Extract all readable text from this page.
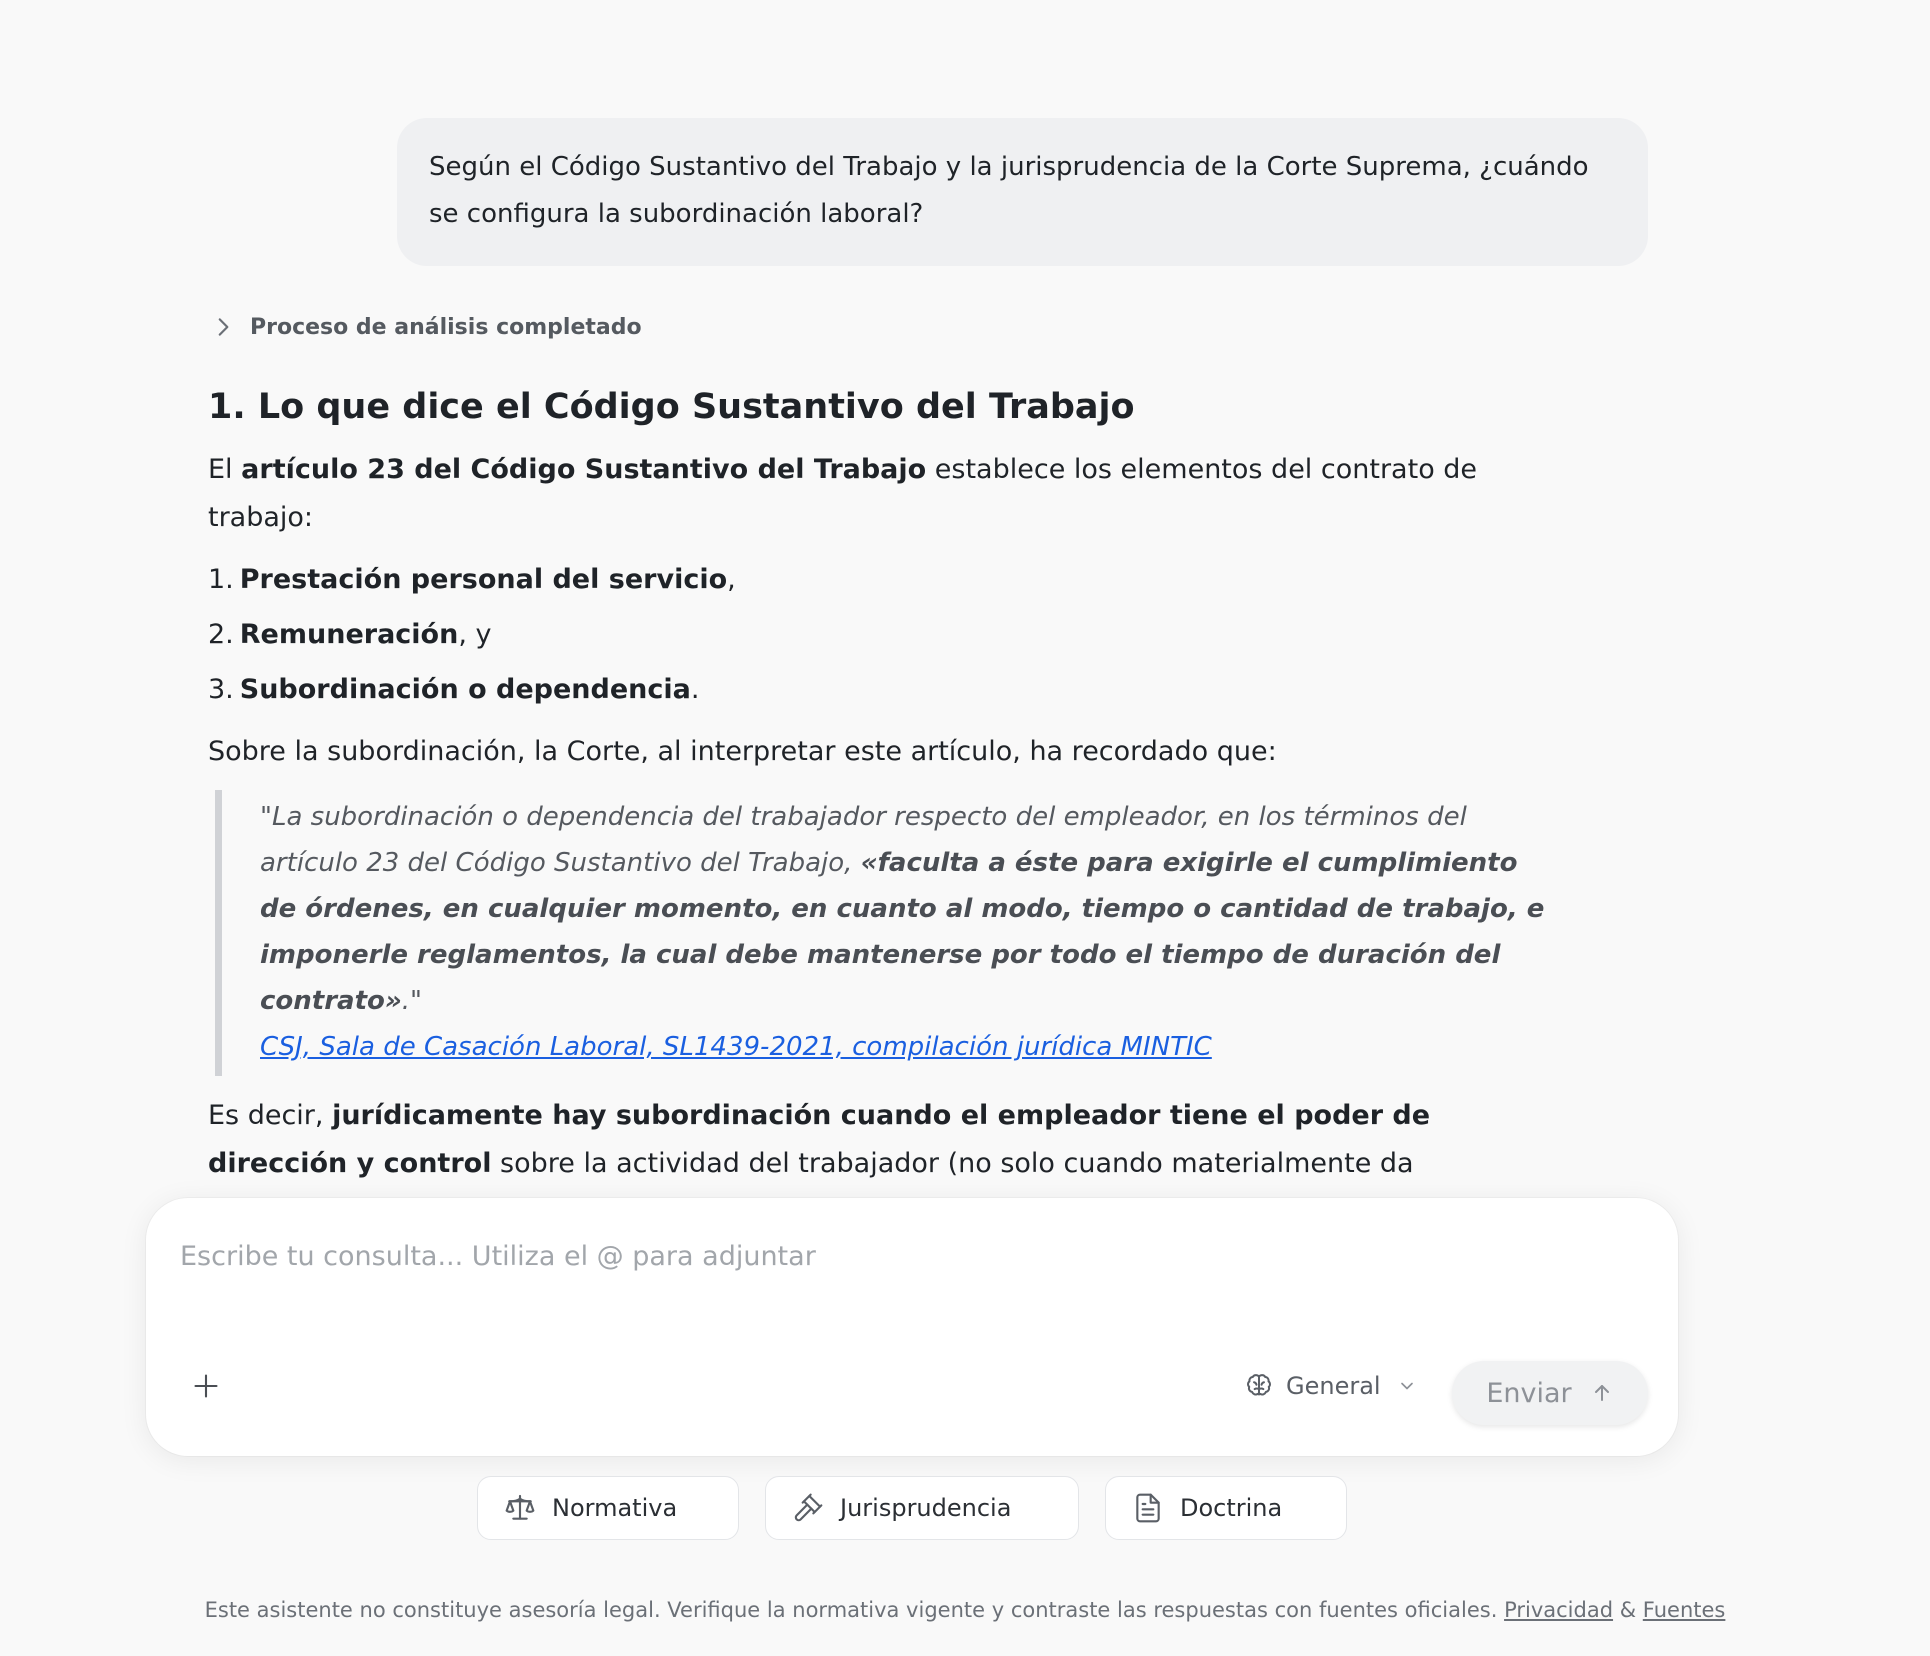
Según el Código Sustantivo del Trabajo y la jurisprudencia de la Corte Suprema, ¿cuándo se configura la subordinación laboral?
Proceso de análisis completado
1. Lo que dice el Código Sustantivo del Trabajo

El artículo 23 del Código Sustantivo del Trabajo establece los elementos del contrato de trabajo:

1. Prestación personal del servicio,
2. Remuneración, y
3. Subordinación o dependencia.

Sobre la subordinación, la Corte, al interpretar este artículo, ha recordado que:

"La subordinación o dependencia del trabajador respecto del empleador, en los términos del artículo 23 del Código Sustantivo del Trabajo, «faculta a éste para exigirle el cumplimiento de órdenes, en cualquier momento, en cuanto al modo, tiempo o cantidad de trabajo, e imponerle reglamentos, la cual debe mantenerse por todo el tiempo de duración del contrato»."
CSJ, Sala de Casación Laboral, SL1439-2021, compilación jurídica MINTIC

Es decir, jurídicamente hay subordinación cuando el empleador tiene el poder de dirección y control sobre la actividad del trabajador (no solo cuando materialmente da

Escribe tu consulta... Utiliza el @ para adjuntar
General	Enviar
Normativa	Jurisprudencia	Doctrina
Este asistente no constituye asesoría legal. Verifique la normativa vigente y contraste las respuestas con fuentes oficiales. Privacidad & Fuentes
